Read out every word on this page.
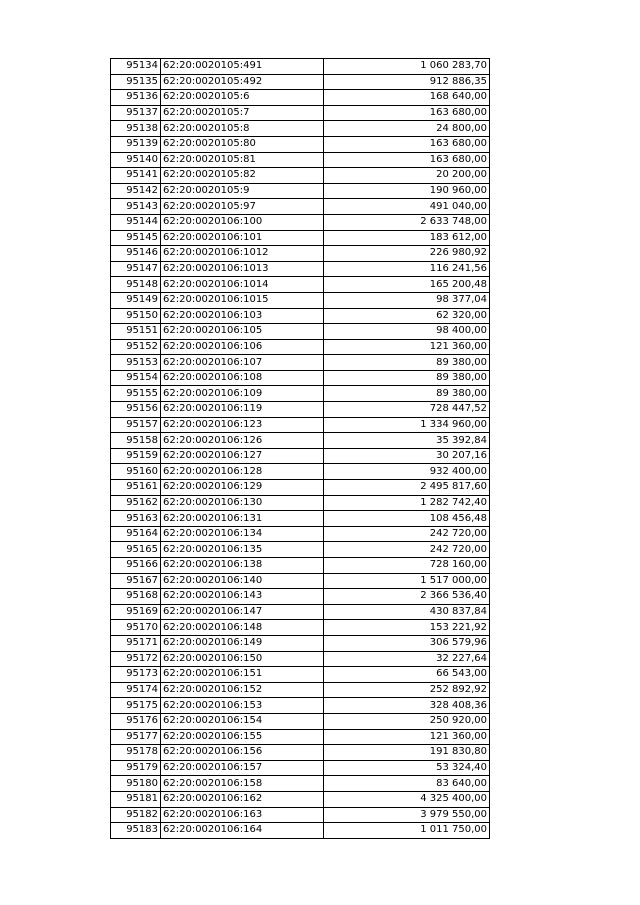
95134	62:20:0020105:491	1 060 283,70
95135	62:20:0020105:492	912 886,35
95136	62:20:0020105:6	168 640,00
95137	62:20:0020105:7	163 680,00
95138	62:20:0020105:8	24 800,00
95139	62:20:0020105:80	163 680,00
95140	62:20:0020105:81	163 680,00
95141	62:20:0020105:82	20 200,00
95142	62:20:0020105:9	190 960,00
95143	62:20:0020105:97	491 040,00
95144	62:20:0020106:100	2 633 748,00
95145	62:20:0020106:101	183 612,00
95146	62:20:0020106:1012	226 980,92
95147	62:20:0020106:1013	116 241,56
95148	62:20:0020106:1014	165 200,48
95149	62:20:0020106:1015	98 377,04
95150	62:20:0020106:103	62 320,00
95151	62:20:0020106:105	98 400,00
95152	62:20:0020106:106	121 360,00
95153	62:20:0020106:107	89 380,00
95154	62:20:0020106:108	89 380,00
95155	62:20:0020106:109	89 380,00
95156	62:20:0020106:119	728 447,52
95157	62:20:0020106:123	1 334 960,00
95158	62:20:0020106:126	35 392,84
95159	62:20:0020106:127	30 207,16
95160	62:20:0020106:128	932 400,00
95161	62:20:0020106:129	2 495 817,60
95162	62:20:0020106:130	1 282 742,40
95163	62:20:0020106:131	108 456,48
95164	62:20:0020106:134	242 720,00
95165	62:20:0020106:135	242 720,00
95166	62:20:0020106:138	728 160,00
95167	62:20:0020106:140	1 517 000,00
95168	62:20:0020106:143	2 366 536,40
95169	62:20:0020106:147	430 837,84
95170	62:20:0020106:148	153 221,92
95171	62:20:0020106:149	306 579,96
95172	62:20:0020106:150	32 227,64
95173	62:20:0020106:151	66 543,00
95174	62:20:0020106:152	252 892,92
95175	62:20:0020106:153	328 408,36
95176	62:20:0020106:154	250 920,00
95177	62:20:0020106:155	121 360,00
95178	62:20:0020106:156	191 830,80
95179	62:20:0020106:157	53 324,40
95180	62:20:0020106:158	83 640,00
95181	62:20:0020106:162	4 325 400,00
95182	62:20:0020106:163	3 979 550,00
95183	62:20:0020106:164	1 011 750,00
